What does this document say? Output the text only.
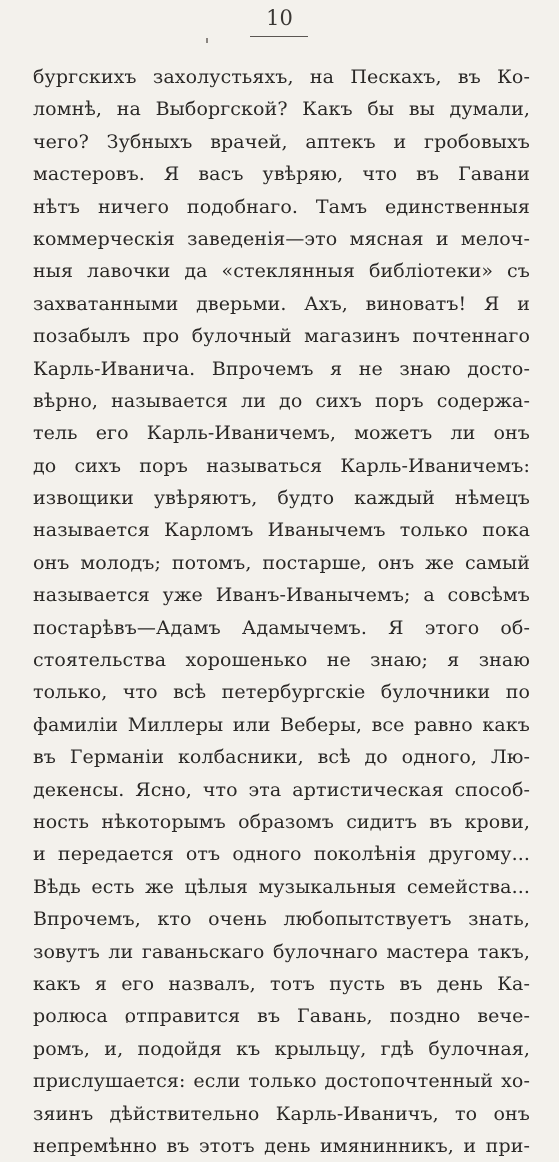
10
бургскихъ захолустьяхъ, на Пескахъ, въ Ко-
ломнѣ, на Выборгской? Какъ бы вы думали,
чего? Зубныхъ врачей, аптекъ и гробовыхъ
мастеровъ. Я васъ увѣряю, что въ Гавани
нѣтъ ничего подобнаго. Тамъ единственныя
коммерческія заведенія—это мясная и мелоч-
ныя лавочки да «стеклянныя библіотеки» съ
захватанными дверьми. Ахъ, виноватъ! Я и
позабылъ про булочный магазинъ почтеннаго
Карль-Иванича. Впрочемъ я не знаю досто-
вѣрно, называется ли до сихъ поръ содержа-
тель его Карль-Иваничемъ, можетъ ли онъ
до сихъ поръ называться Карль-Иваничемъ:
извощики увѣряютъ, будто каждый нѣмецъ
называется Карломъ Иванычемъ только пока
онъ молодъ; потомъ, постарше, онъ же самый
называется уже Иванъ-Иванычемъ; а совсѣмъ
постарѣвъ—Адамъ Адамычемъ. Я этого об-
стоятельства хорошенько не знаю; я знаю
только, что всѣ петербургскіе булочники по
фамиліи Миллеры или Веберы, все равно какъ
въ Германіи колбасники, всѣ до одного, Лю-
декенсы. Ясно, что эта артистическая способ-
ность нѣкоторымъ образомъ сидитъ въ крови,
и передается отъ одного поколѣнія другому...
Вѣдь есть же цѣлыя музыкальныя семейства...
Впрочемъ, кто очень любопытствуетъ знать,
зовутъ ли гаваньскаго булочнаго мастера такъ,
какъ я его назвалъ, тотъ пусть въ день Ка-
ролюса отправится въ Гавань, поздно вече-
ромъ, и, подойдя къ крыльцу, гдѣ булочная,
прислушается: если только достопочтенный хо-
зяинъ дѣйствительно Карль-Иваничъ, то онъ
непремѣнно въ этотъ день имянинникъ, и при-
